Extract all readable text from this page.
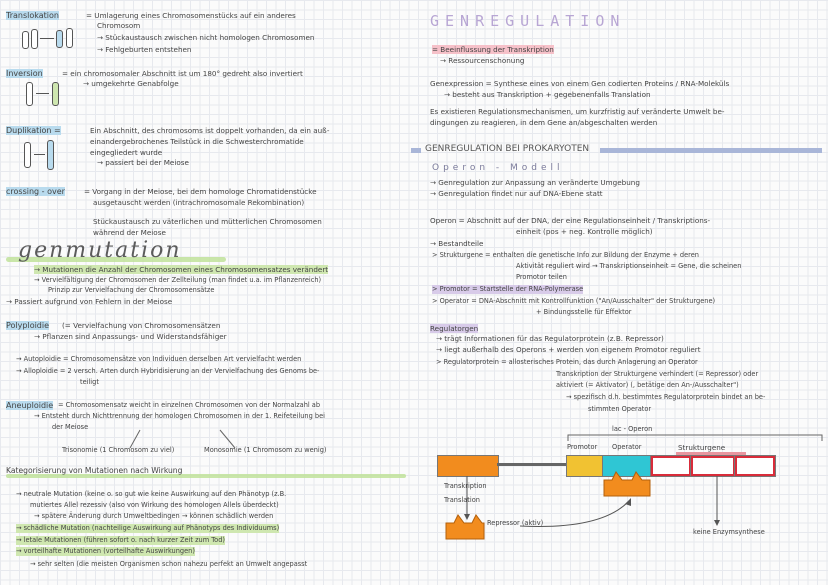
Translokation	= Umlagerung eines Chromosomenstücks auf ein anderes
Chromosom
→ Stückaustausch zwischen nicht homologen Chromosomen
→ Fehlgeburten entstehen
Inversion	= ein chromosomaler Abschnitt ist um 180° gedreht also invertiert
→ umgekehrte Genabfolge
Duplikation =	Ein Abschnitt, des chromosoms ist doppelt vorhanden, da ein auß-
einandergebrochenes Teilstück in die Schwesterchromatide
eingegliedert wurde
→ passiert bei der Meiose
crossing - over	= Vorgang in der Meiose, bei dem homologe Chromatidenstücke
ausgetauscht werden (intrachromosomale Rekombination)
Stückaustausch zu väterlichen und mütterlichen Chromosomen
während der Meiose
genmutation
→ Mutationen die Anzahl der Chromosomen eines Chromosomensatzes verändert
→ Vervielfältigung der Chromosomen der Zellteilung (man findet u.a. im Pflanzenreich)
Prinzip zur Vervielfachung der Chromosomensätze
→ Passiert aufgrund von Fehlern in der Meiose
Polyploidie (= Vervielfachung von Chromosomensätzen
→ Pflanzen sind Anpassungs- und Widerstandsfähiger
→ Autoploidie = Chromosomensätze von Individuen derselben Art vervielfacht werden
→ Alloploidie = 2 versch. Arten durch Hybridisierung an der Vervielfachung des Genoms be-
teiligt
Aneuploidie = Chromosomensatz weicht in einzelnen Chromosomen von der Normalzahl ab
→ Entsteht durch Nichttrennung der homologen Chromosomen in der 1. Reifeteilung bei
der Meiose
Trisonomie (1 Chromosom zu viel)	Monosomie (1 Chromosom zu wenig)
Kategorisierung von Mutationen nach Wirkung
→ neutrale Mutation (keine o. so gut wie keine Auswirkung auf den Phänotyp (z.B.
mutiertes Allel rezessiv (also von Wirkung des homologen Allels überdeckt)
→ spätere Änderung durch Umweltbedingen → können schädlich werden
→ schädliche Mutation (nachteilige Auswirkung auf Phänotyps des Individuums)
→ letale Mutationen (führen sofort o. nach kurzer Zeit zum Tod)
→ vorteilhafte Mutationen (vorteilhafte Auswirkungen)
→ sehr selten (die meisten Organismen schon nahezu perfekt an Umwelt angepasst
GENREGULATION
= Beeinflussung der Transkription
→ Ressourcenschonung
Genexpression = Synthese eines von einem Gen codierten Proteins / RNA-Moleküls
→ besteht aus Transkription + gegebenenfalls Translation
Es existieren Regulationsmechanismen, um kurzfristig auf veränderte Umwelt be-
dingungen zu reagieren, in dem Gene an/abgeschalten werden
GENREGULATION BEI PROKARYOTEN
Operon - Modell
→ Genregulation zur Anpassung an veränderte Umgebung
→ Genregulation findet nur auf DNA-Ebene statt
Operon = Abschnitt auf der DNA, der eine Regulationseinheit / Transkriptions-
einheit (pos + neg. Kontrolle möglich)
→ Bestandteile
> Strukturgene = enthalten die genetische Info zur Bildung der Enzyme + deren
Aktivität reguliert wird → Transkriptionseinheit = Gene, die scheinen
Promotor teilen
> Promotor = Startstelle der RNA-Polymerase
> Operator = DNA-Abschnitt mit Kontrollfunktion ("An/Ausschalter" der Strukturgene)
+ Bindungsstelle für Effektor
Regulatorgen
→ trägt Informationen für das Regulatorprotein (z.B. Repressor)
→ liegt außerhalb des Operons + werden von eigenem Promotor reguliert
> Regulatorprotein = allosterisches Protein, das durch Anlagerung an Operator
Transkription der Strukturgene verhindert (= Repressor) oder
aktiviert (= Aktivator) (, betätige den An-/Ausschalter")
→ spezifisch d.h. bestimmtes Regulatorprotein bindet an be-
stimmten Operator
lac - Operon
Promotor Operator	Strukturgene
Transkription
Translation
Repressor (aktiv)
keine Enzymsynthese
